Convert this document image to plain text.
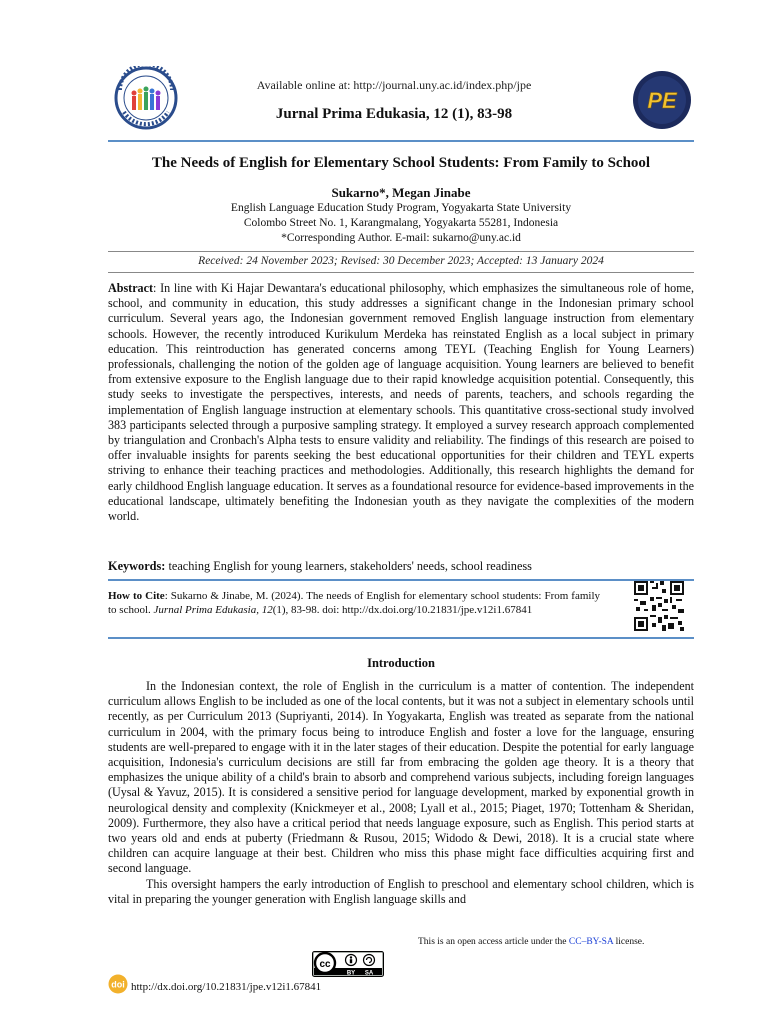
Available online at: http://journal.uny.ac.id/index.php/jpe
Jurnal Prima Edukasia, 12 (1), 83-98
PE
The Needs of English for Elementary School Students: From Family to School
Sukarno*, Megan Jinabe
English Language Education Study Program, Yogyakarta State University
Colombo Street No. 1, Karangmalang, Yogyakarta 55281, Indonesia
*Corresponding Author. E-mail: sukarno@uny.ac.id
Received: 24 November 2023; Revised: 30 December 2023; Accepted: 13 January 2024
Abstract: In line with Ki Hajar Dewantara's educational philosophy, which emphasizes the simultaneous role of home, school, and community in education, this study addresses a significant change in the Indonesian primary school curriculum. Several years ago, the Indonesian government removed English language instruction from elementary schools. However, the recently introduced Kurikulum Merdeka has reinstated English as a local subject in primary education. This reintroduction has generated concerns among TEYL (Teaching English for Young Learners) professionals, challenging the notion of the golden age of language acquisition. Young learners are believed to benefit from extensive exposure to the English language due to their rapid knowledge acquisition potential. Consequently, this study seeks to investigate the perspectives, interests, and needs of parents, teachers, and schools regarding the implementation of English language instruction at elementary schools. This quantitative cross-sectional study involved 383 participants selected through a purposive sampling strategy. It employed a survey research approach complemented by triangulation and Cronbach's Alpha tests to ensure validity and reliability. The findings of this research are poised to offer invaluable insights for parents seeking the best educational opportunities for their children and TEYL experts striving to enhance their teaching practices and methodologies. Additionally, this research highlights the demand for early childhood English language education. It serves as a foundational resource for evidence-based improvements in the educational landscape, ultimately benefiting the Indonesian youth as they navigate the complexities of the modern world.
Keywords: teaching English for young learners, stakeholders' needs, school readiness
How to Cite: Sukarno & Jinabe, M. (2024). The needs of English for elementary school students: From family to school. Jurnal Prima Edukasia, 12(1), 83-98. doi: http://dx.doi.org/10.21831/jpe.v12i1.67841
Introduction

In the Indonesian context, the role of English in the curriculum is a matter of contention. The independent curriculum allows English to be included as one of the local contents, but it was not a subject in elementary schools until recently, as per Curriculum 2013 (Supriyanti, 2014). In Yogyakarta, English was treated as separate from the national curriculum in 2004, with the primary focus being to introduce English and foster a love for the language, ensuring students are well-prepared to engage with it in the later stages of their education. Despite the potential for early language acquisition, Indonesia's curriculum decisions are still far from embracing the golden age theory. It is a theory that emphasizes the unique ability of a child's brain to absorb and comprehend various subjects, including foreign languages (Uysal & Yavuz, 2015). It is considered a sensitive period for language development, marked by exponential growth in neurological density and complexity (Knickmeyer et al., 2008; Lyall et al., 2015; Piaget, 1970; Tottenham & Sheridan, 2009). Furthermore, they also have a critical period that needs language exposure, such as English. This period starts at two years old and ends at puberty (Friedmann & Rusou, 2015; Widodo & Dewi, 2018). It is a crucial state where children can acquire language at their best. Children who miss this phase might face difficulties acquiring first and second language.

This oversight hampers the early introduction of English to preschool and elementary school children, which is vital in preparing the younger generation with English language skills and

This is an open access article under the CC–BY-SA license.
cc
BY SA
doi http://dx.doi.org/10.21831/jpe.v12i1.67841
